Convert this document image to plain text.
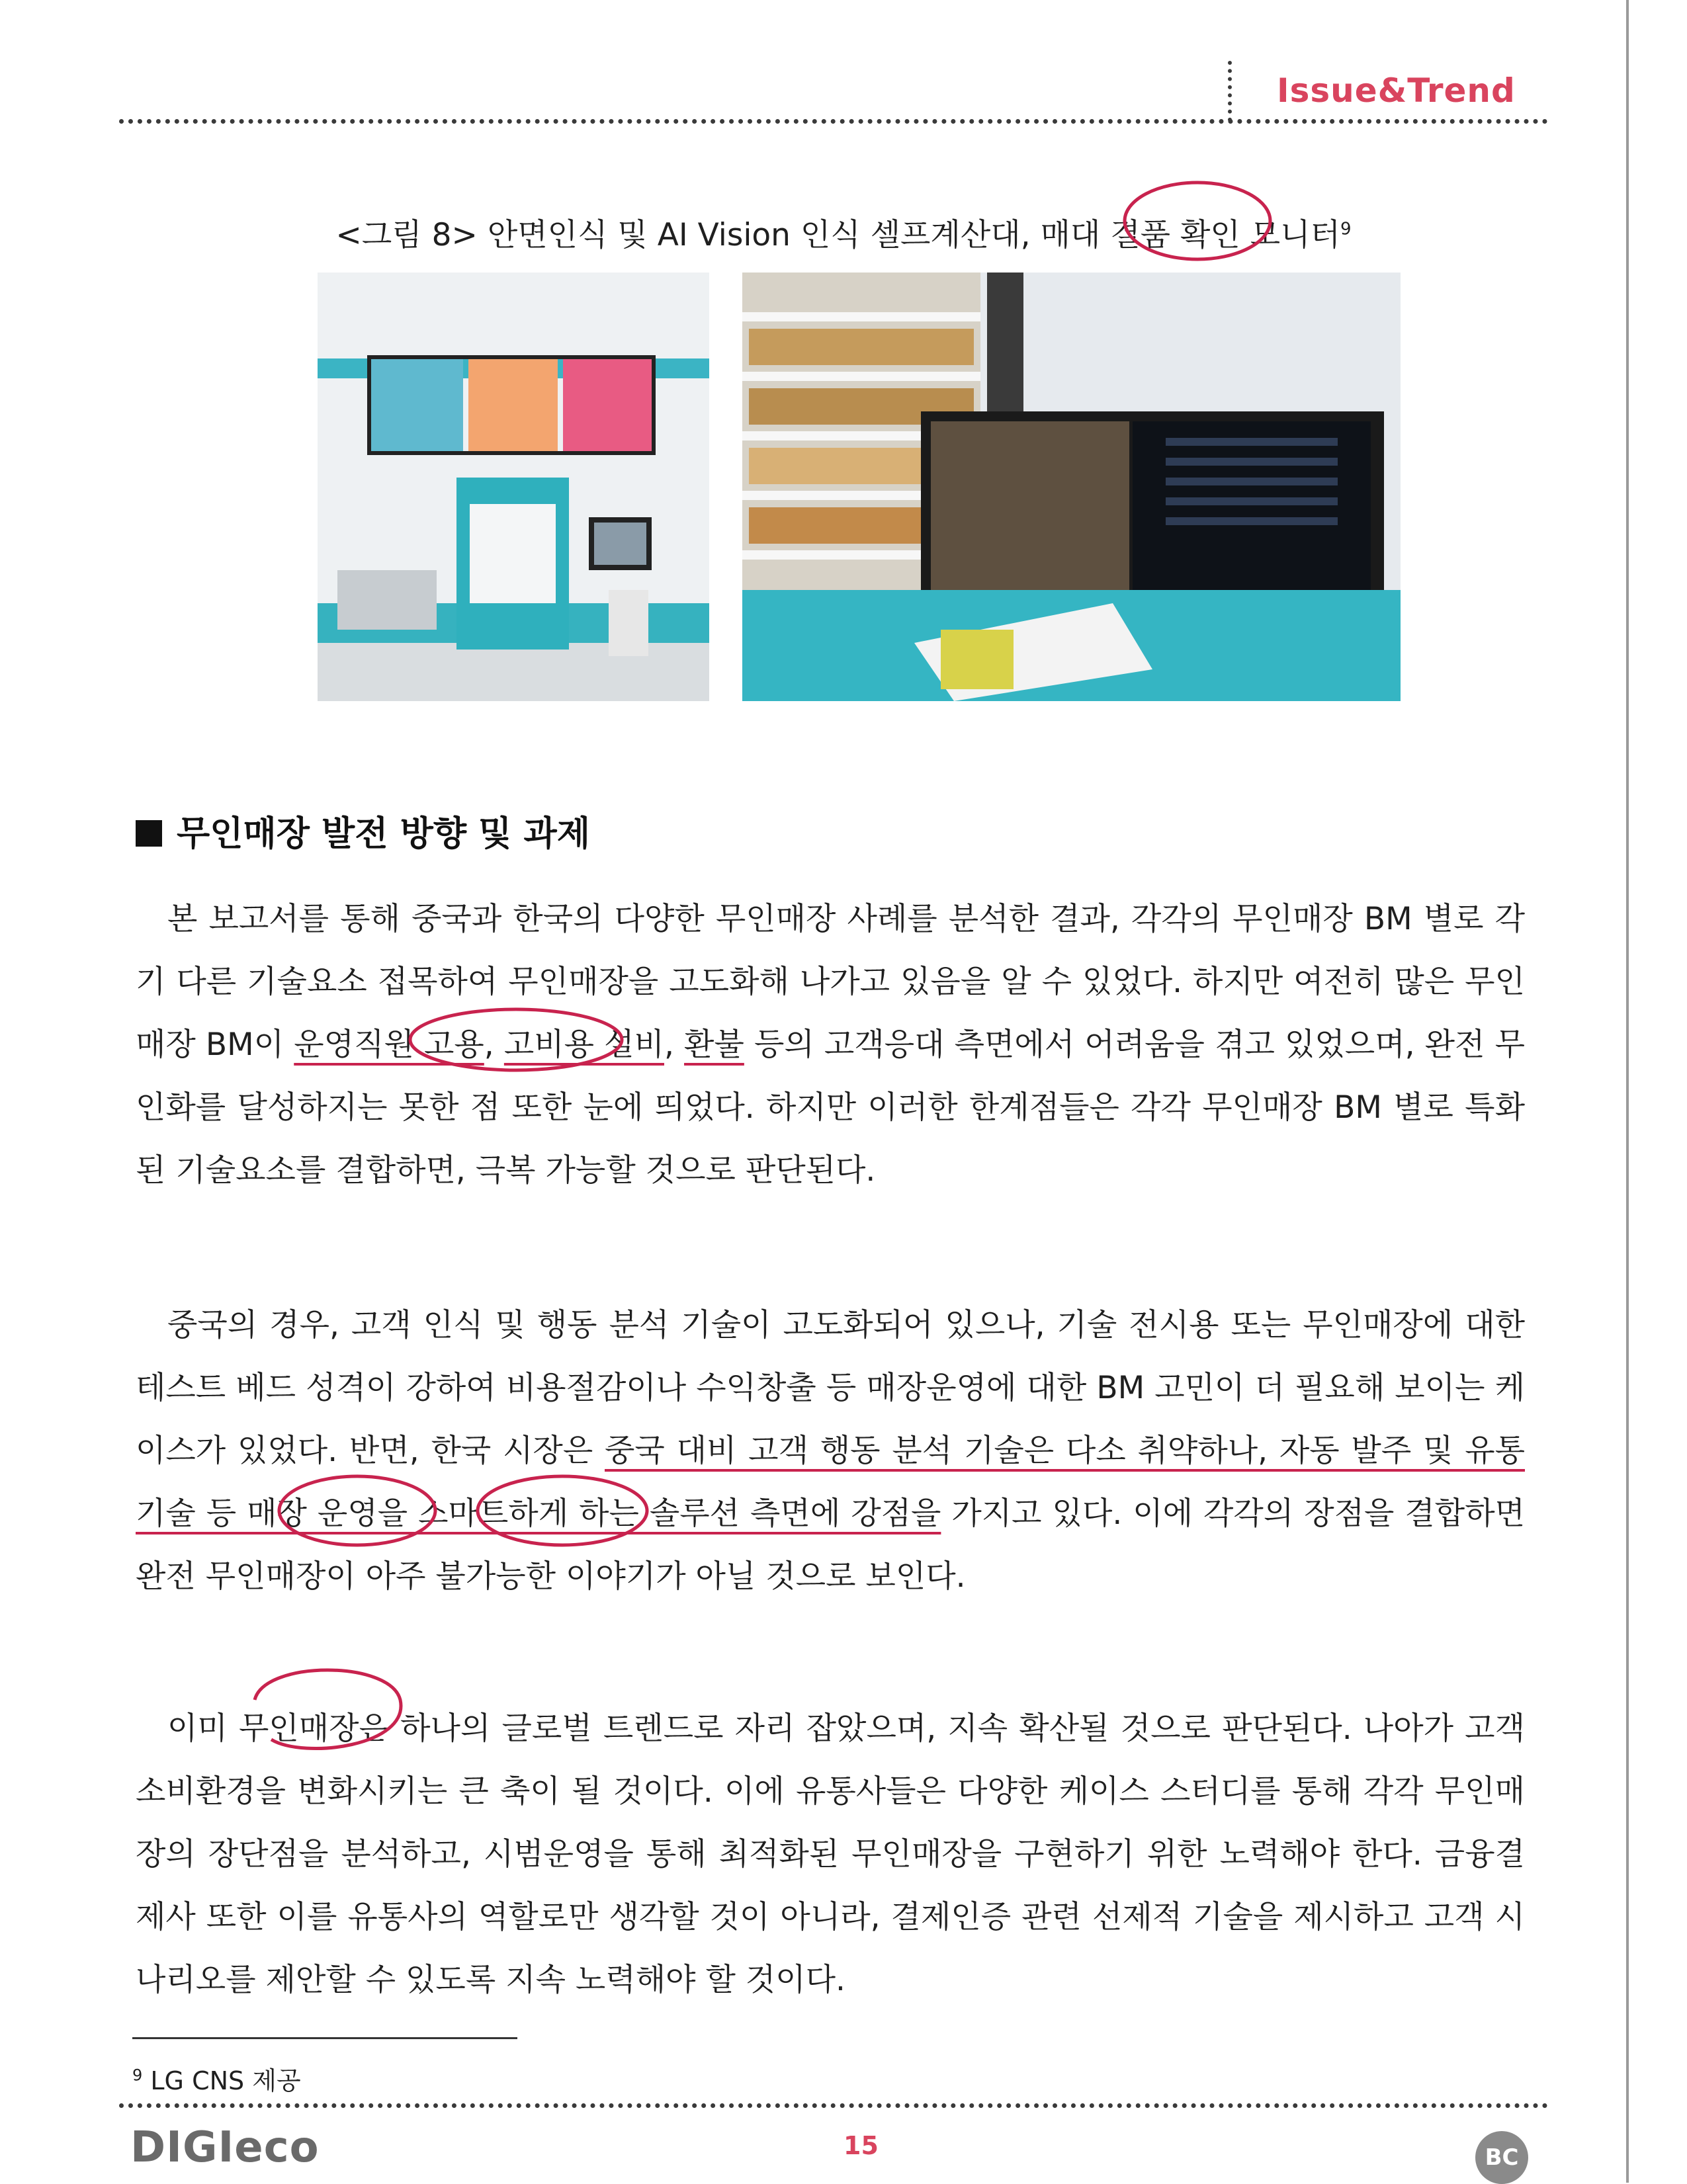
Issue&Trend
<그림 8> 안면인식 및 AI Vision 인식 셀프계산대, 매대 결품 확인 모니터$^9$
무인매장 발전 방향 및 과제
본 보고서를 통해 중국과 한국의 다양한 무인매장 사례를 분석한 결과, 각각의 무인매장 BM 별로 각기 다른 기술요소 접목하여 무인매장을 고도화해 나가고 있음을 알 수 있었다. 하지만 여전히 많은 무인매장 BM이 운영직원 고용, 고비용 설비, 환불 등의 고객응대 측면에서 어려움을 겪고 있었으며, 완전 무인화를 달성하지는 못한 점 또한 눈에 띄었다. 하지만 이러한 한계점들은 각각 무인매장 BM 별로 특화된 기술요소를 결합하면, 극복 가능할 것으로 판단된다.
중국의 경우, 고객 인식 및 행동 분석 기술이 고도화되어 있으나, 기술 전시용 또는 무인매장에 대한 테스트 베드 성격이 강하여 비용절감이나 수익창출 등 매장운영에 대한 BM 고민이 더 필요해 보이는 케이스가 있었다. 반면, 한국 시장은 중국 대비 고객 행동 분석 기술은 다소 취약하나, 자동 발주 및 유통 기술 등 매장 운영을 스마트하게 하는 솔루션 측면에 강점을 가지고 있다. 이에 각각의 장점을 결합하면 완전 무인매장이 아주 불가능한 이야기가 아닐 것으로 보인다.
이미 무인매장은 하나의 글로벌 트렌드로 자리 잡았으며, 지속 확산될 것으로 판단된다. 나아가 고객 소비환경을 변화시키는 큰 축이 될 것이다. 이에 유통사들은 다양한 케이스 스터디를 통해 각각 무인매장의 장단점을 분석하고, 시범운영을 통해 최적화된 무인매장을 구현하기 위한 노력해야 한다. 금융결제사 또한 이를 유통사의 역할로만 생각할 것이 아니라, 결제인증 관련 선제적 기술을 제시하고 고객 시나리오를 제안할 수 있도록 지속 노력해야 할 것이다.
$^9$ LG CNS 제공
DIGIeco	15	BC
